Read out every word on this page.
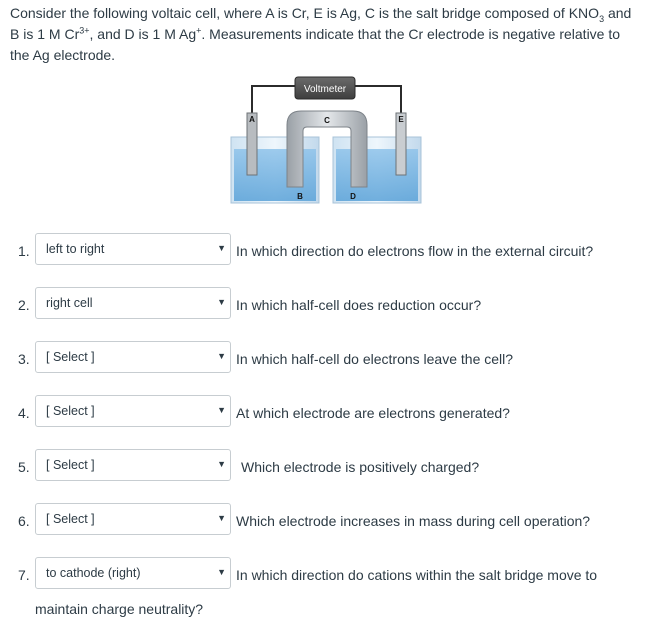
Consider the following voltaic cell, where A is Cr, E is Ag, C is the salt bridge composed of $KNO_3$ and B is 1 M $Cr^{3+}$, and D is 1 M Ag+. Measurements indicate that the Cr electrode is negative relative to the Ag electrode.
Voltmeter
A	C	E
B	D
1. left to right	▼ In which direction do electrons flow in the external circuit?
2. right cell	▼ In which half-cell does reduction occur?
3. [ Select ]	▼ In which half-cell do electrons leave the cell?
4. [ Select ]	▼ At which electrode are electrons generated?
5. [ Select ]	▼ Which electrode is positively charged?
6. [ Select ]	▼ Which electrode increases in mass during cell operation?
7. to cathode (right)	▼ In which direction do cations within the salt bridge move to
maintain charge neutrality?
